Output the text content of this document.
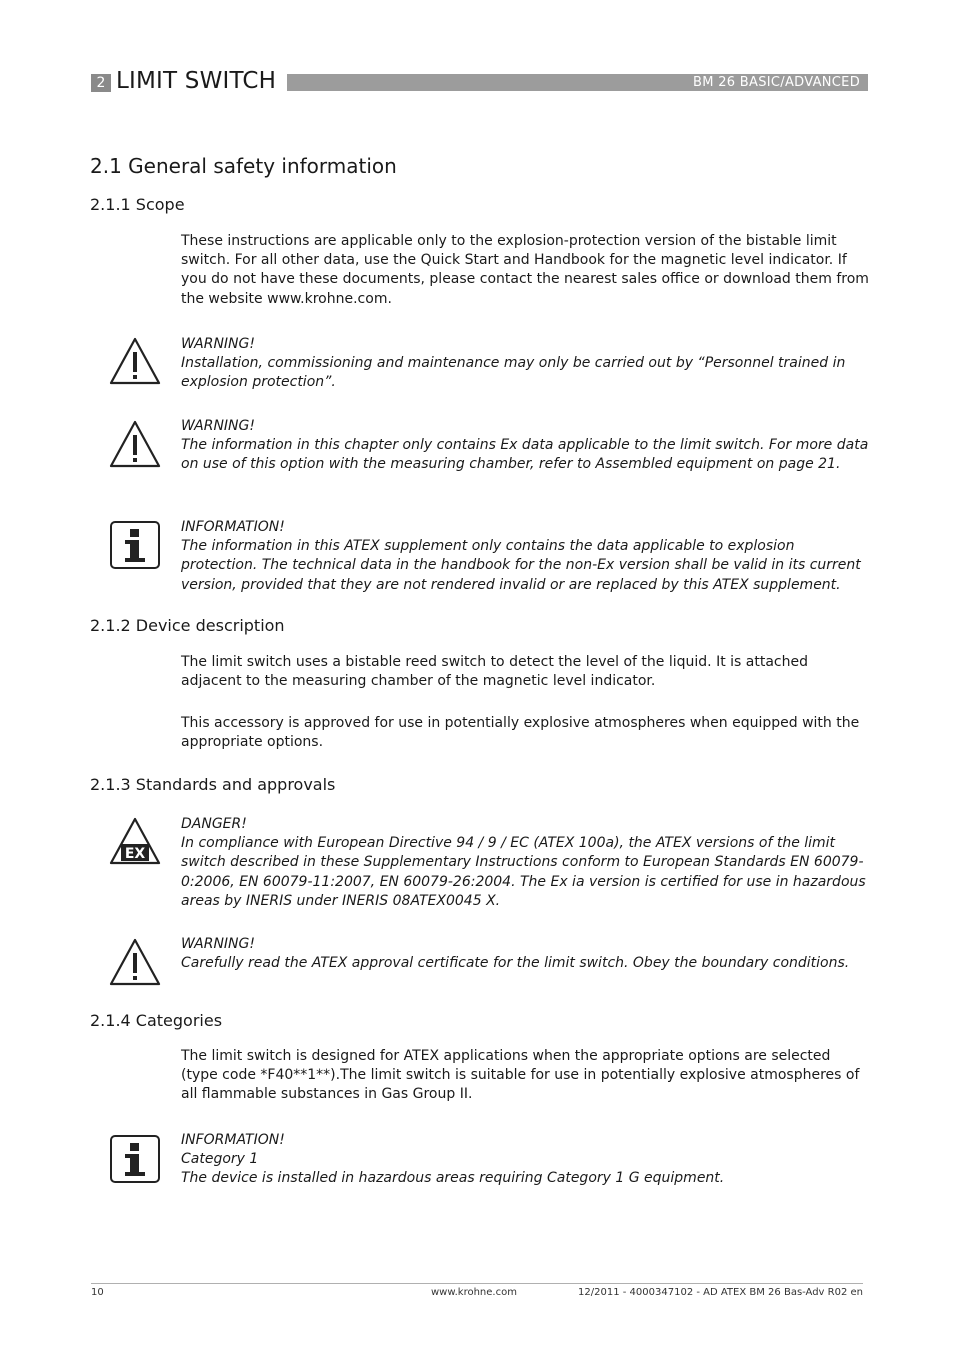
2 LIMIT SWITCH	BM 26 BASIC/ADVANCED
2.1 General safety information
2.1.1 Scope
These instructions are applicable only to the explosion-protection version of the bistable limit switch. For all other data, use the Quick Start and Handbook for the magnetic level indicator. If you do not have these documents, please contact the nearest sales office or download them from the website www.krohne.com.
WARNING!
Installation, commissioning and maintenance may only be carried out by “Personnel trained in explosion protection”.
WARNING!
The information in this chapter only contains Ex data applicable to the limit switch. For more data on use of this option with the measuring chamber, refer to Assembled equipment on page 21.
INFORMATION!
The information in this ATEX supplement only contains the data applicable to explosion protection. The technical data in the handbook for the non-Ex version shall be valid in its current version, provided that they are not rendered invalid or are replaced by this ATEX supplement.
2.1.2 Device description
The limit switch uses a bistable reed switch to detect the level of the liquid. It is attached adjacent to the measuring chamber of the magnetic level indicator.
This accessory is approved for use in potentially explosive atmospheres when equipped with the appropriate options.
2.1.3 Standards and approvals
EX
DANGER!
In compliance with European Directive 94 / 9 / EC (ATEX 100a), the ATEX versions of the limit switch described in these Supplementary Instructions conform to European Standards EN 60079-0:2006, EN 60079-11:2007, EN 60079-26:2004. The Ex ia version is certified for use in hazardous areas by INERIS under INERIS 08ATEX0045 X.
WARNING!
Carefully read the ATEX approval certificate for the limit switch. Obey the boundary conditions.
2.1.4 Categories
The limit switch is designed for ATEX applications when the appropriate options are selected (type code *F40**1**).The limit switch is suitable for use in potentially explosive atmospheres of all flammable substances in Gas Group II.
INFORMATION!
Category 1
The device is installed in hazardous areas requiring Category 1 G equipment.
10	www.krohne.com	12/2011 - 4000347102 - AD ATEX BM 26 Bas-Adv R02 en
